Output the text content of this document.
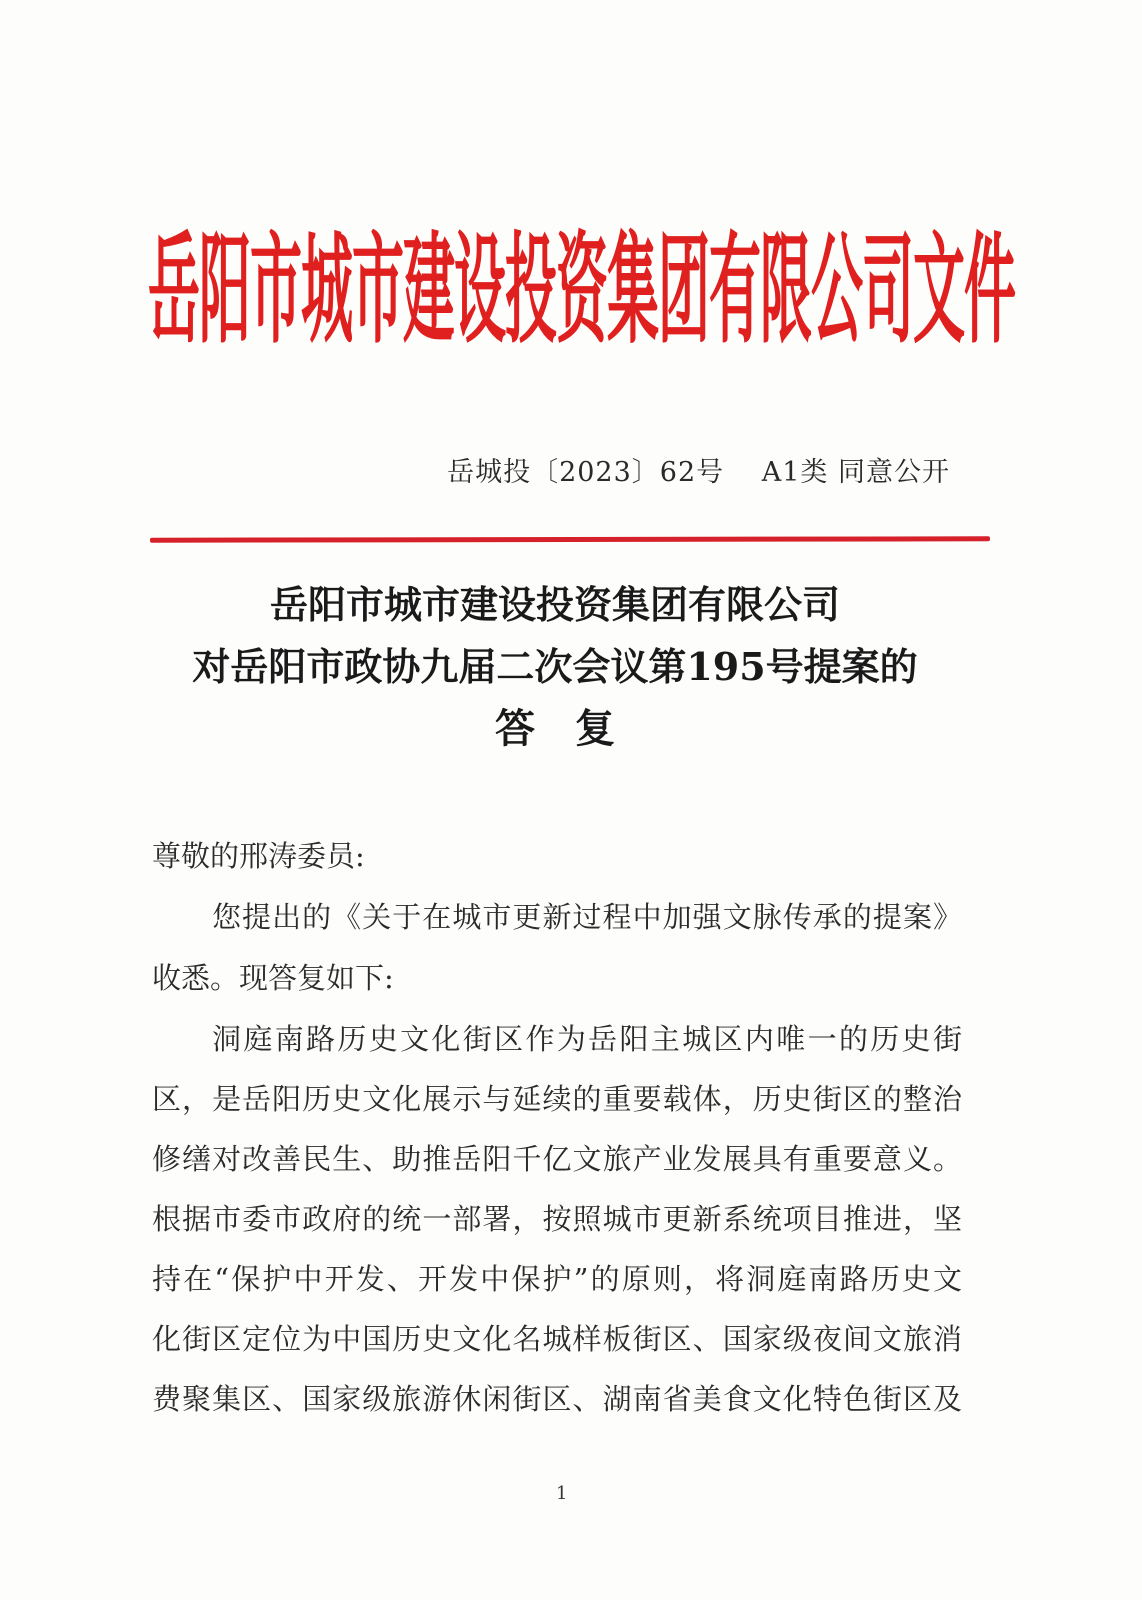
岳阳市城市建设投资集团有限公司文件
岳城投〔2023〕62号　 A1类 同意公开
岳阳市城市建设投资集团有限公司
对岳阳市政协九届二次会议第195号提案的
答　复
尊敬的邢涛委员:
您提出的《关于在城市更新过程中加强文脉传承的提案》
收悉。现答复如下:
洞庭南路历史文化街区作为岳阳主城区内唯一的历史街
区，是岳阳历史文化展示与延续的重要载体，历史街区的整治
修缮对改善民生、助推岳阳千亿文旅产业发展具有重要意义。
根据市委市政府的统一部署，按照城市更新系统项目推进，坚
持在“保护中开发、开发中保护”的原则，将洞庭南路历史文
化街区定位为中国历史文化名城样板街区、国家级夜间文旅消
费聚集区、国家级旅游休闲街区、湖南省美食文化特色街区及
1
